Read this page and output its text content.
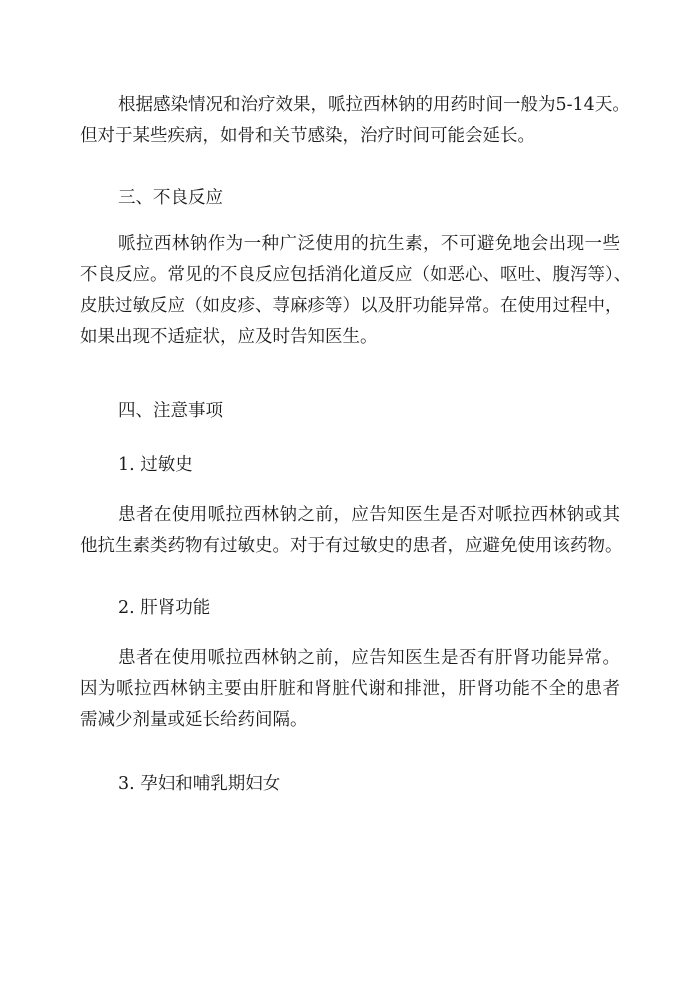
根据感染情况和治疗效果，哌拉西林钠的用药时间一般为5-14天。
但对于某些疾病，如骨和关节感染，治疗时间可能会延长。
三、不良反应
哌拉西林钠作为一种广泛使用的抗生素，不可避免地会出现一些
不良反应。常见的不良反应包括消化道反应（如恶心、呕吐、腹泻等）、
皮肤过敏反应（如皮疹、荨麻疹等）以及肝功能异常。在使用过程中，
如果出现不适症状，应及时告知医生。
四、注意事项
1. 过敏史
患者在使用哌拉西林钠之前，应告知医生是否对哌拉西林钠或其
他抗生素类药物有过敏史。对于有过敏史的患者，应避免使用该药物。
2. 肝肾功能
患者在使用哌拉西林钠之前，应告知医生是否有肝肾功能异常。
因为哌拉西林钠主要由肝脏和肾脏代谢和排泄，肝肾功能不全的患者
需减少剂量或延长给药间隔。
3. 孕妇和哺乳期妇女
